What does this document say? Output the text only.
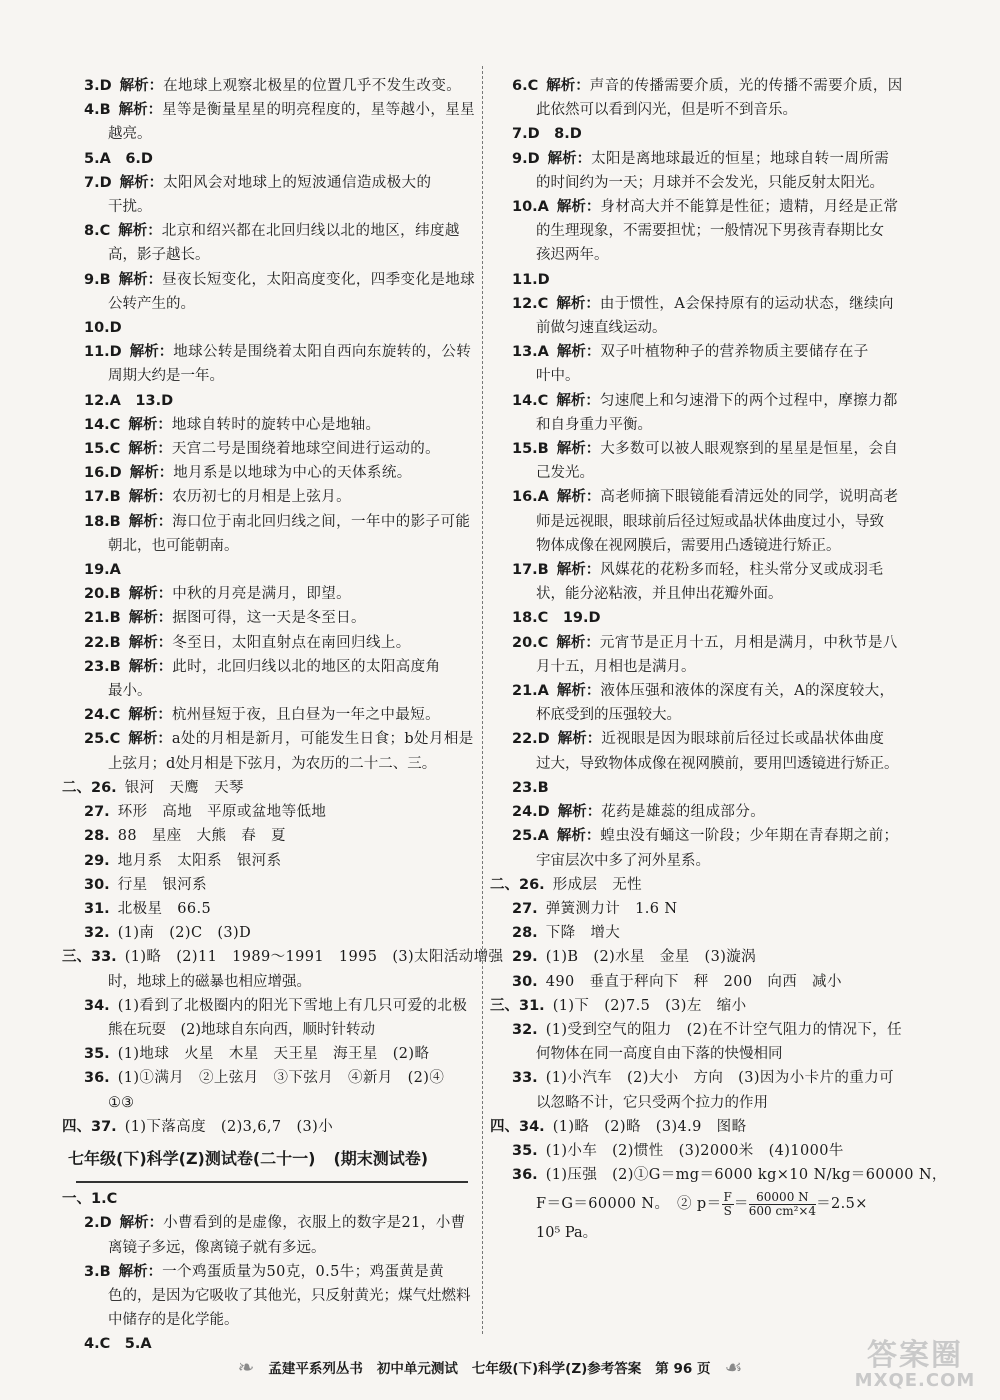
3.D 解析：在地球上观察北极星的位置几乎不发生改变。
4.B 解析：星等是衡量星星的明亮程度的，星等越小，星星
越亮。
5.A　6.D
7.D 解析：太阳风会对地球上的短波通信造成极大的
干扰。
8.C 解析：北京和绍兴都在北回归线以北的地区，纬度越
高，影子越长。
9.B 解析：昼夜长短变化，太阳高度变化，四季变化是地球
公转产生的。
10.D
11.D 解析：地球公转是围绕着太阳自西向东旋转的，公转
周期大约是一年。
12.A　13.D
14.C 解析：地球自转时的旋转中心是地轴。
15.C 解析：天宫二号是围绕着地球空间进行运动的。
16.D 解析：地月系是以地球为中心的天体系统。
17.B 解析：农历初七的月相是上弦月。
18.B 解析：海口位于南北回归线之间，一年中的影子可能
朝北，也可能朝南。
19.A
20.B 解析：中秋的月亮是满月，即望。
21.B 解析：据图可得，这一天是冬至日。
22.B 解析：冬至日，太阳直射点在南回归线上。
23.B 解析：此时，北回归线以北的地区的太阳高度角
最小。
24.C 解析：杭州昼短于夜，且白昼为一年之中最短。
25.C 解析：a处的月相是新月，可能发生日食；b处月相是
上弦月；d处月相是下弦月，为农历的二十二、三。
二、26. 银河　天鹰　天琴
27. 环形　高地　平原或盆地等低地
28. 88　星座　大熊　春　夏
29. 地月系　太阳系　银河系
30. 行星　银河系
31. 北极星　66.5
32. (1)南　(2)C　(3)D
三、33. (1)略　(2)11　1989～1991　1995　(3)太阳活动增强
时，地球上的磁暴也相应增强。
34. (1)看到了北极圈内的阳光下雪地上有几只可爱的北极
熊在玩耍　(2)地球自东向西，顺时针转动
35. (1)地球　火星　木星　天王星　海王星　(2)略
36. (1)①满月　②上弦月　③下弦月　④新月　(2)④
①③
四、37. (1)下落高度　(2)3,6,7　(3)小
七年级(下)科学(Z)测试卷(二十一) (期末测试卷)
一、1.C
2.D 解析：小曹看到的是虚像，衣服上的数字是21，小曹
离镜子多远，像离镜子就有多远。
3.B 解析：一个鸡蛋质量为50克，0.5牛；鸡蛋黄是黄
色的，是因为它吸收了其他光，只反射黄光；煤气灶燃料
中储存的是化学能。
4.C　5.A
6.C 解析：声音的传播需要介质，光的传播不需要介质，因
此依然可以看到闪光，但是听不到音乐。
7.D　8.D
9.D 解析：太阳是离地球最近的恒星；地球自转一周所需
的时间约为一天；月球并不会发光，只能反射太阳光。
10.A 解析：身材高大并不能算是性征；遗精，月经是正常
的生理现象，不需要担忧；一般情况下男孩青春期比女
孩迟两年。
11.D
12.C 解析：由于惯性，A会保持原有的运动状态，继续向
前做匀速直线运动。
13.A 解析：双子叶植物种子的营养物质主要储存在子
叶中。
14.C 解析：匀速爬上和匀速滑下的两个过程中，摩擦力都
和自身重力平衡。
15.B 解析：大多数可以被人眼观察到的星星是恒星，会自
己发光。
16.A 解析：高老师摘下眼镜能看清远处的同学，说明高老
师是远视眼，眼球前后径过短或晶状体曲度过小，导致
物体成像在视网膜后，需要用凸透镜进行矫正。
17.B 解析：风媒花的花粉多而轻，柱头常分叉或成羽毛
状，能分泌粘液，并且伸出花瓣外面。
18.C　19.D
20.C 解析：元宵节是正月十五，月相是满月，中秋节是八
月十五，月相也是满月。
21.A 解析：液体压强和液体的深度有关，A的深度较大，
杯底受到的压强较大。
22.D 解析：近视眼是因为眼球前后径过长或晶状体曲度
过大，导致物体成像在视网膜前，要用凹透镜进行矫正。
23.B
24.D 解析：花药是雄蕊的组成部分。
25.A 解析：蝗虫没有蛹这一阶段；少年期在青春期之前；
宇宙层次中多了河外星系。
二、26. 形成层　无性
27. 弹簧测力计　1.6 N
28. 下降　增大
29. (1)B　(2)水星　金星　(3)漩涡
30. 490　垂直于秤向下　秤　200　向西　减小
三、31. (1)下　(2)7.5　(3)左　缩小
32. (1)受到空气的阻力　(2)在不计空气阻力的情况下，任
何物体在同一高度自由下落的快慢相同
33. (1)小汽车　(2)大小　方向　(3)因为小卡片的重力可
以忽略不计，它只受两个拉力的作用
四、34. (1)略　(2)略　(3)4.9　图略
35. (1)小车　(2)惯性　(3)2000米　(4)1000牛
36. (1)压强　(2)①G＝mg＝6000 kg×10 N/kg＝60000 N，
F＝G＝60000 N。　② $p= \frac{F}{S} = \frac{60000 N}{\text{600 cm²×4}} =2.5\times$
10⁵ Pa。
❧ 孟建平系列丛书 初中单元测试 七年级(下)科学(Z)参考答案 第 96 页 ☙	答案圈
MXQE.COM
